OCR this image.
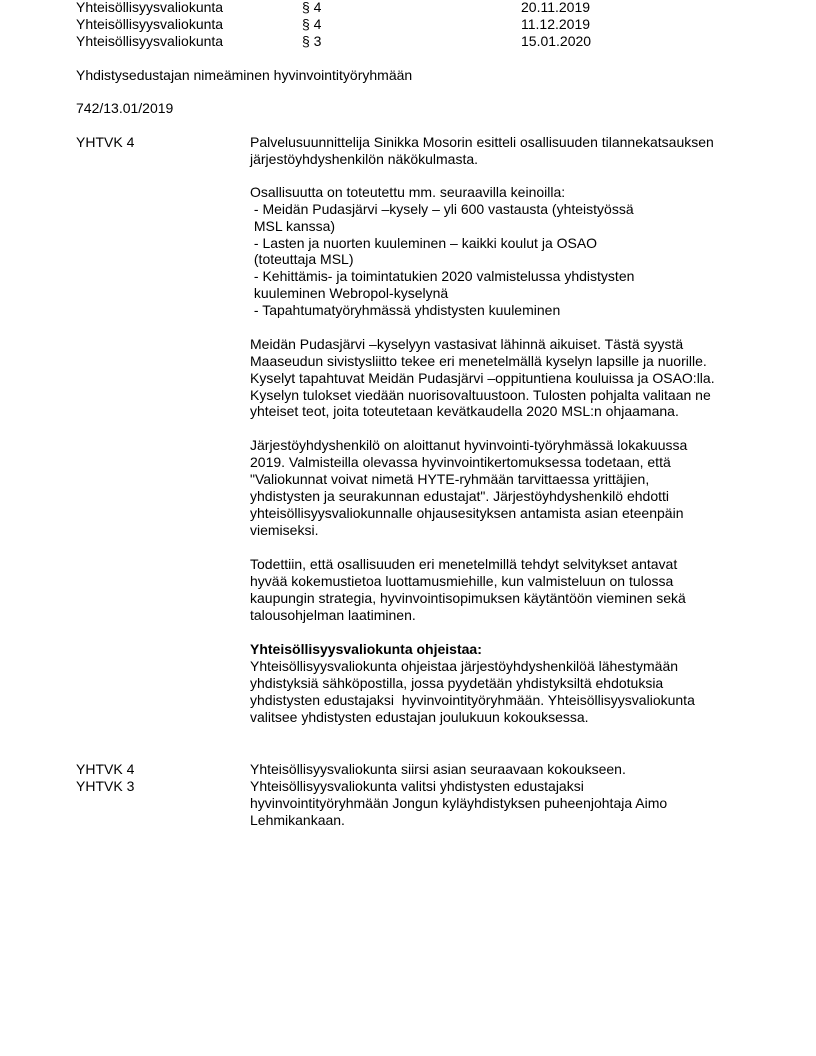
Yhteisöllisyysvaliokunta	§ 4	20.11.2019
Yhteisöllisyysvaliokunta	§ 4	11.12.2019
Yhteisöllisyysvaliokunta	§ 3	15.01.2020
Yhdistysedustajan nimeäminen hyvinvointityöryhmään
742/13.01/2019
YHTVK 4	Palvelusuunnittelija Sinikka Mosorin esitteli osallisuuden tilannekatsauksen
järjestöyhdyshenkilön näkökulmasta.
Osallisuutta on toteutettu mm. seuraavilla keinoilla:
- Meidän Pudasjärvi –kysely – yli 600 vastausta (yhteistyössä
MSL kanssa)
- Lasten ja nuorten kuuleminen – kaikki koulut ja OSAO
(toteuttaja MSL)
- Kehittämis- ja toimintatukien 2020 valmistelussa yhdistysten
kuuleminen Webropol-kyselynä
- Tapahtumatyöryhmässä yhdistysten kuuleminen
Meidän Pudasjärvi –kyselyyn vastasivat lähinnä aikuiset. Tästä syystä
Maaseudun sivistysliitto tekee eri menetelmällä kyselyn lapsille ja nuorille.
Kyselyt tapahtuvat Meidän Pudasjärvi –oppituntiena kouluissa ja OSAO:lla.
Kyselyn tulokset viedään nuorisovaltuustoon. Tulosten pohjalta valitaan ne
yhteiset teot, joita toteutetaan kevätkaudella 2020 MSL:n ohjaamana.
Järjestöyhdyshenkilö on aloittanut hyvinvointi-työryhmässä lokakuussa
2019. Valmisteilla olevassa hyvinvointikertomuksessa todetaan, että
"Valiokunnat voivat nimetä HYTE-ryhmään tarvittaessa yrittäjien,
yhdistysten ja seurakunnan edustajat". Järjestöyhdyshenkilö ehdotti
yhteisöllisyysvaliokunnalle ohjausesityksen antamista asian eteenpäin
viemiseksi.
Todettiin, että osallisuuden eri menetelmillä tehdyt selvitykset antavat
hyvää kokemustietoa luottamusmiehille, kun valmisteluun on tulossa
kaupungin strategia, hyvinvointisopimuksen käytäntöön vieminen sekä
talousohjelman laatiminen.
Yhteisöllisyysvaliokunta ohjeistaa:
Yhteisöllisyysvaliokunta ohjeistaa järjestöyhdyshenkilöä lähestymään
yhdistyksiä sähköpostilla, jossa pyydetään yhdistyksiltä ehdotuksia
yhdistysten edustajaksi  hyvinvointityöryhmään. Yhteisöllisyysvaliokunta
valitsee yhdistysten edustajan joulukuun kokouksessa.
YHTVK 4	Yhteisöllisyysvaliokunta siirsi asian seuraavaan kokoukseen.
YHTVK 3	Yhteisöllisyysvaliokunta valitsi yhdistysten edustajaksi
hyvinvointityöryhmään Jongun kyläyhdistyksen puheenjohtaja Aimo
Lehmikankaan.
